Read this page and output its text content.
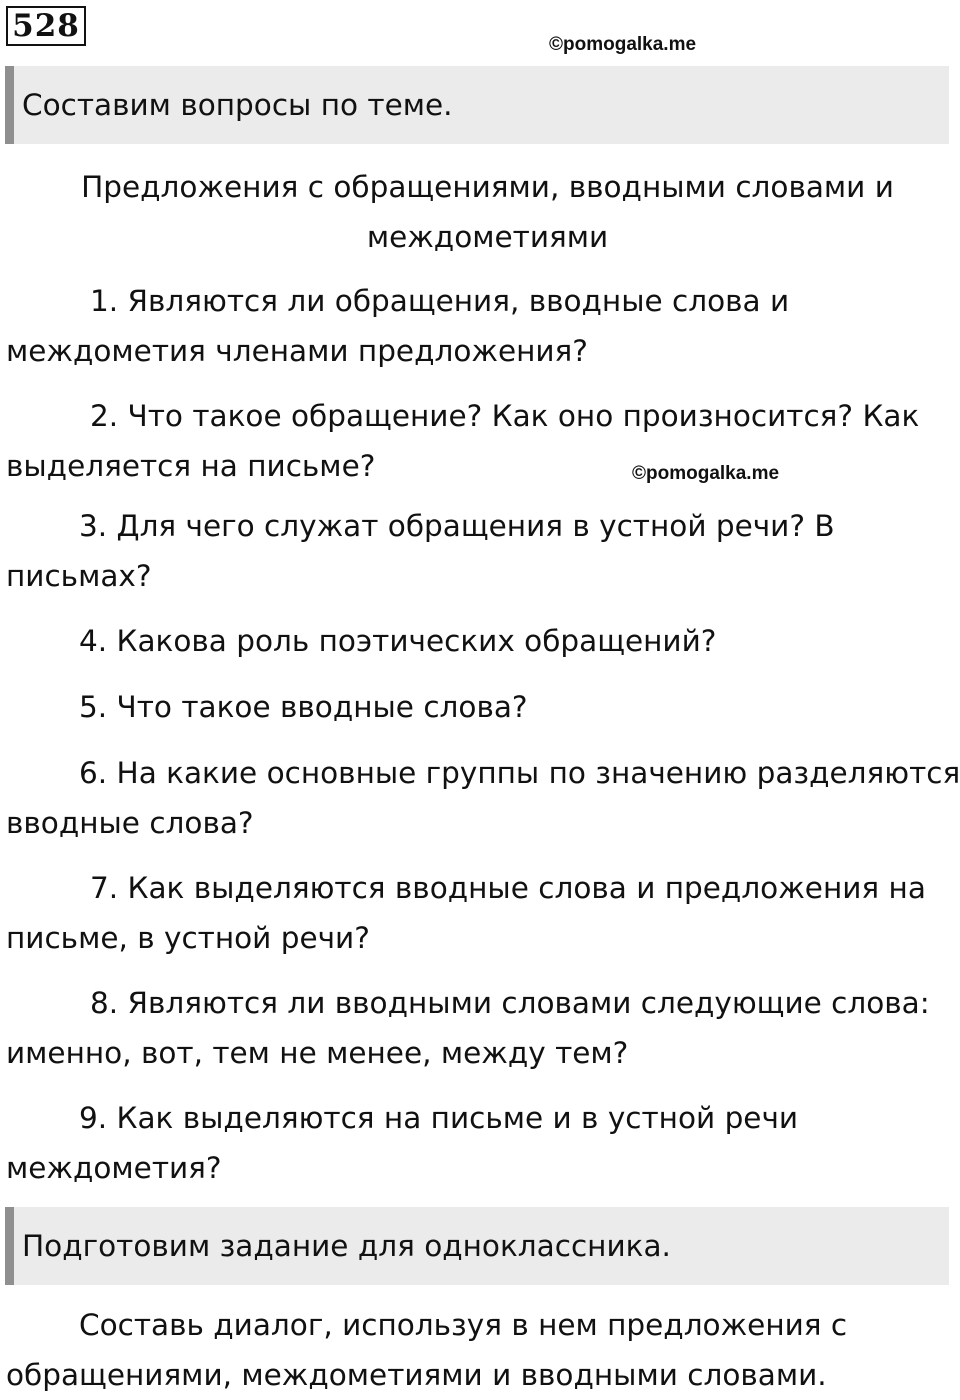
528
©pomogalka.me
Составим вопросы по теме.
Предложения с обращениями, вводными словами и
междометиями
1. Являются ли обращения, вводные слова и
междометия членами предложения?
2. Что такое обращение? Как оно произносится? Как
выделяется на письме?	©pomogalka.me
3. Для чего служат обращения в устной речи? В
письмах?
4. Какова роль поэтических обращений?
5. Что такое вводные слова?
6. На какие основные группы по значению разделяются
вводные слова?
7. Как выделяются вводные слова и предложения на
письме, в устной речи?
8. Являются ли вводными словами следующие слова:
именно, вот, тем не менее, между тем?
9. Как выделяются на письме и в устной речи
междометия?
Подготовим задание для одноклассника.
Составь диалог, используя в нем предложения с
обращениями, междометиями и вводными словами.
